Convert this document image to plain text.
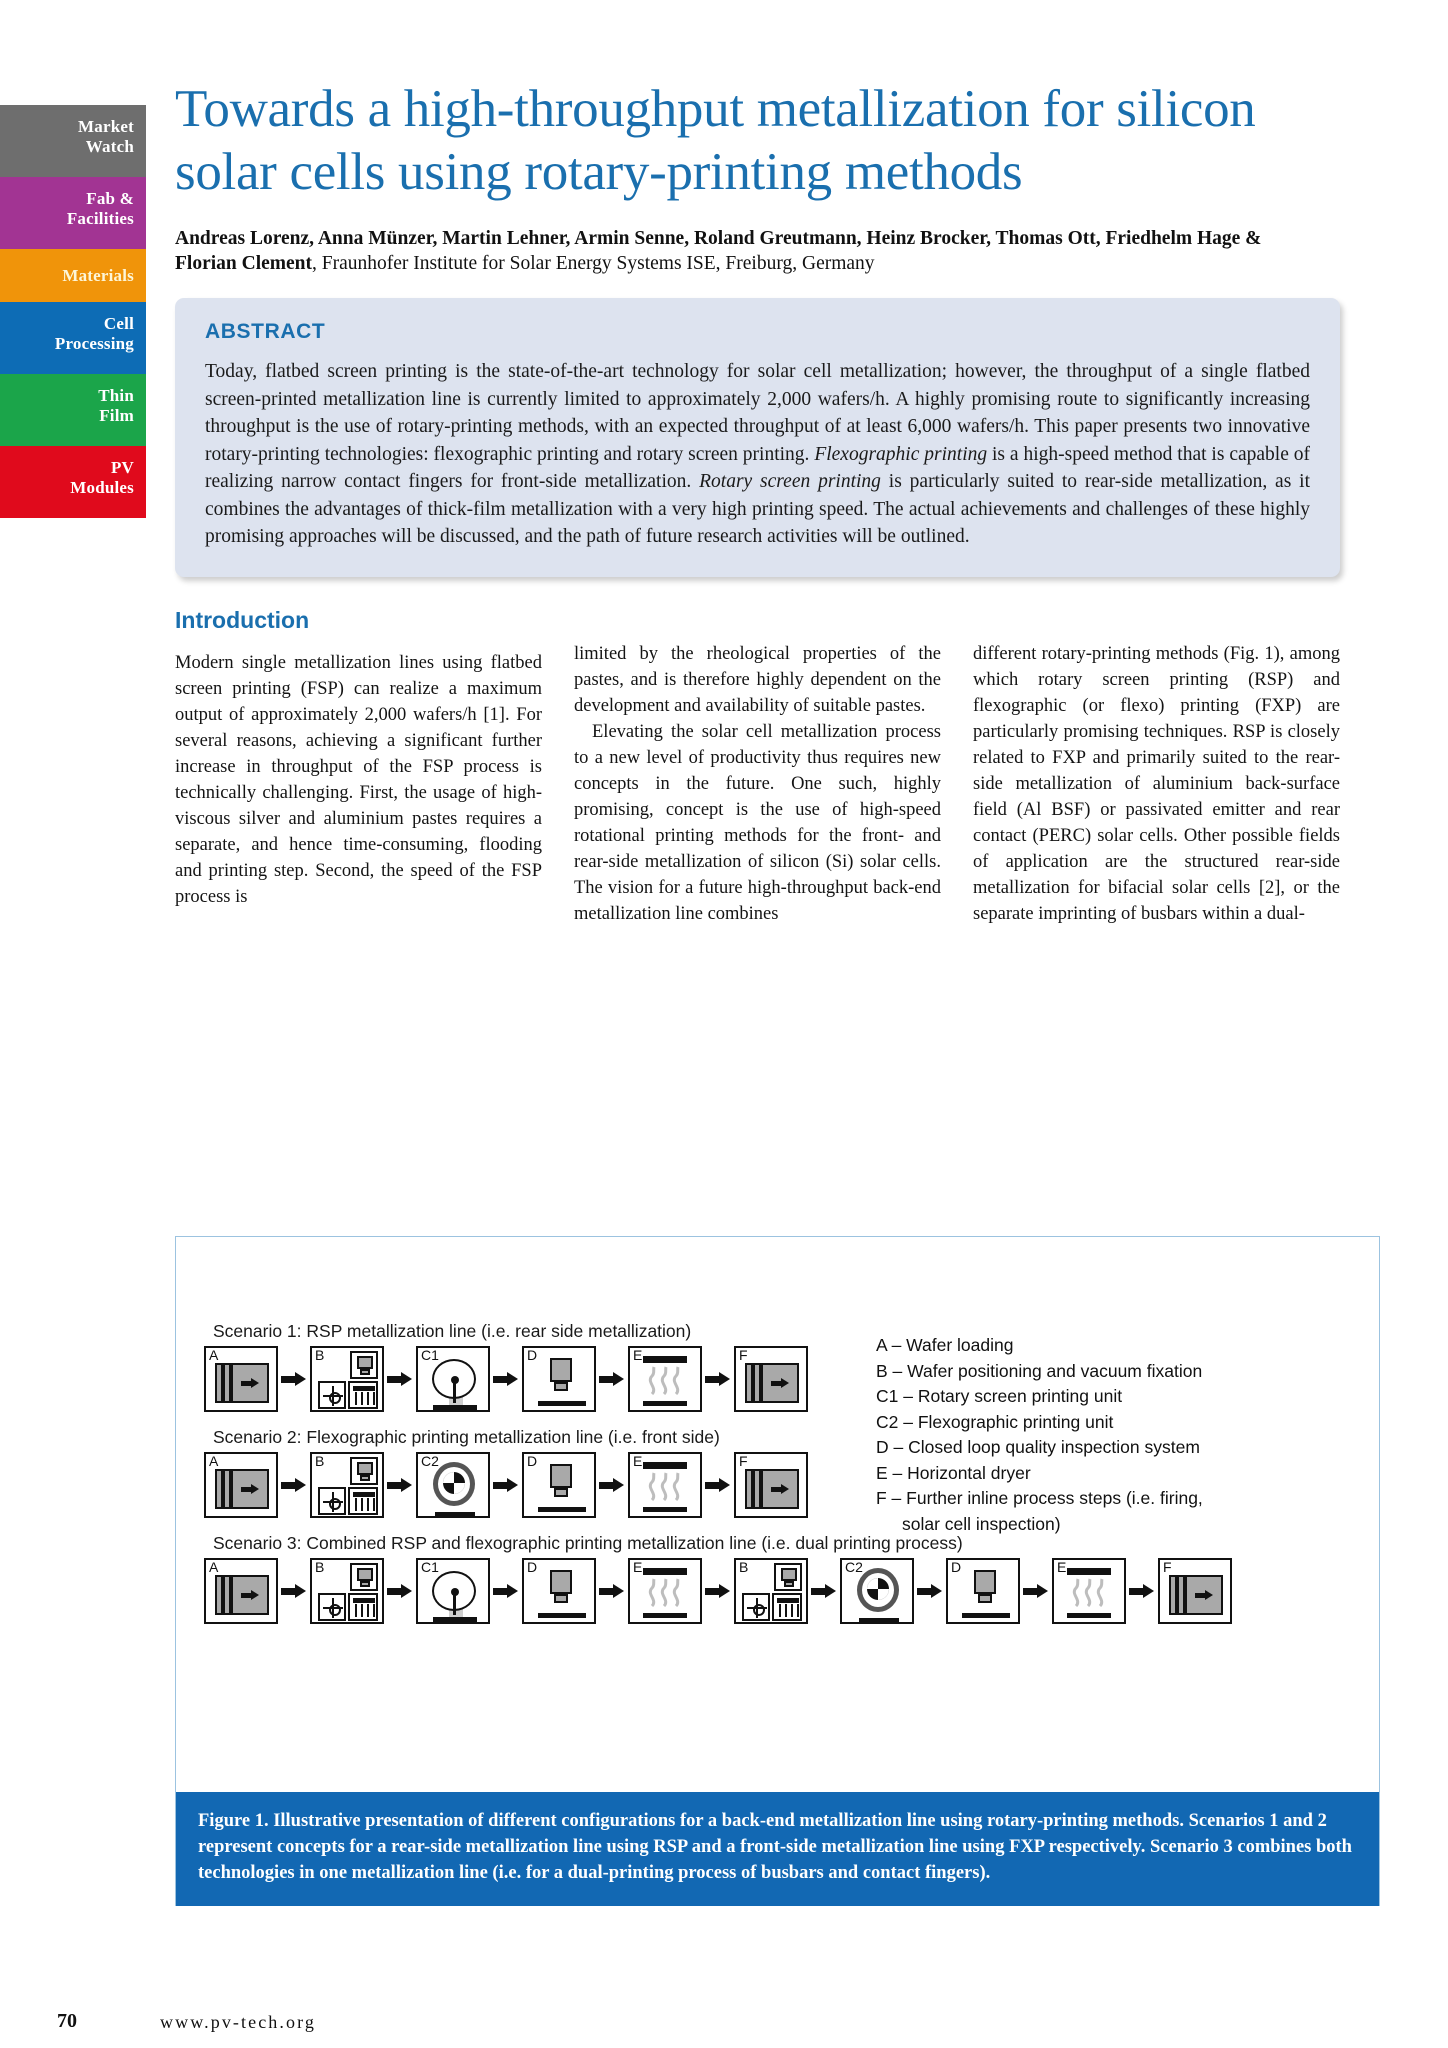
Market
Watch
Fab &
Facilities
Materials
Cell
Processing
Thin
Film
PV
Modules
Towards a high-throughput metallization for silicon solar cells using rotary-printing methods
Andreas Lorenz, Anna Münzer, Martin Lehner, Armin Senne, Roland Greutmann, Heinz Brocker, Thomas Ott, Friedhelm Hage & Florian Clement, Fraunhofer Institute for Solar Energy Systems ISE, Freiburg, Germany
ABSTRACT
Today, flatbed screen printing is the state-of-the-art technology for solar cell metallization; however, the throughput of a single flatbed screen-printed metallization line is currently limited to approximately 2,000 wafers/h. A highly promising route to significantly increasing throughput is the use of rotary-printing methods, with an expected throughput of at least 6,000 wafers/h. This paper presents two innovative rotary-printing technologies: flexographic printing and rotary screen printing. Flexographic printing is a high-speed method that is capable of realizing narrow contact fingers for front-side metallization. Rotary screen printing is particularly suited to rear-side metallization, as it combines the advantages of thick-film metallization with a very high printing speed. The actual achievements and challenges of these highly promising approaches will be discussed, and the path of future research activities will be outlined.
Introduction

Modern single metallization lines using flatbed screen printing (FSP) can realize a maximum output of approximately 2,000 wafers/h [1]. For several reasons, achieving a significant further increase in throughput of the FSP process is technically challenging. First, the usage of high-viscous silver and aluminium pastes requires a separate, and hence time-consuming, flooding and printing step. Second, the speed of the FSP process is

limited by the rheological properties of the pastes, and is therefore highly dependent on the development and availability of suitable pastes.

Elevating the solar cell metallization process to a new level of productivity thus requires new concepts in the future. One such, highly promising, concept is the use of high-speed rotational printing methods for the front- and rear-side metallization of silicon (Si) solar cells. The vision for a future high-throughput back-end metallization line combines

different rotary-printing methods (Fig. 1), among which rotary screen printing (RSP) and flexographic (or flexo) printing (FXP) are particularly promising techniques. RSP is closely related to FXP and primarily suited to the rear-side metallization of aluminium back-surface field (Al BSF) or passivated emitter and rear contact (PERC) solar cells. Other possible fields of application are the structured rear-side metallization for bifacial solar cells [2], or the separate imprinting of busbars within a dual-

Scenario 1: RSP metallization line (i.e. rear side metallization)
A	B	C1	D	E	F
Scenario 2: Flexographic printing metallization line (i.e. front side)
A	B	C2	D	E	F
Scenario 3: Combined RSP and flexographic printing metallization line (i.e. dual printing process)
A	B	C1	D	E	B	C2	D	E	F
A – Wafer loading
B – Wafer positioning and vacuum fixation
C1 – Rotary screen printing unit
C2 – Flexographic printing unit
D – Closed loop quality inspection system
E – Horizontal dryer
F – Further inline process steps (i.e. firing,
solar cell inspection)
Figure 1. Illustrative presentation of different configurations for a back-end metallization line using rotary-printing methods. Scenarios 1 and 2 represent concepts for a rear-side metallization line using RSP and a front-side metallization line using FXP respectively. Scenario 3 combines both technologies in one metallization line (i.e. for a dual-printing process of busbars and contact fingers).
70	www.pv-tech.org
